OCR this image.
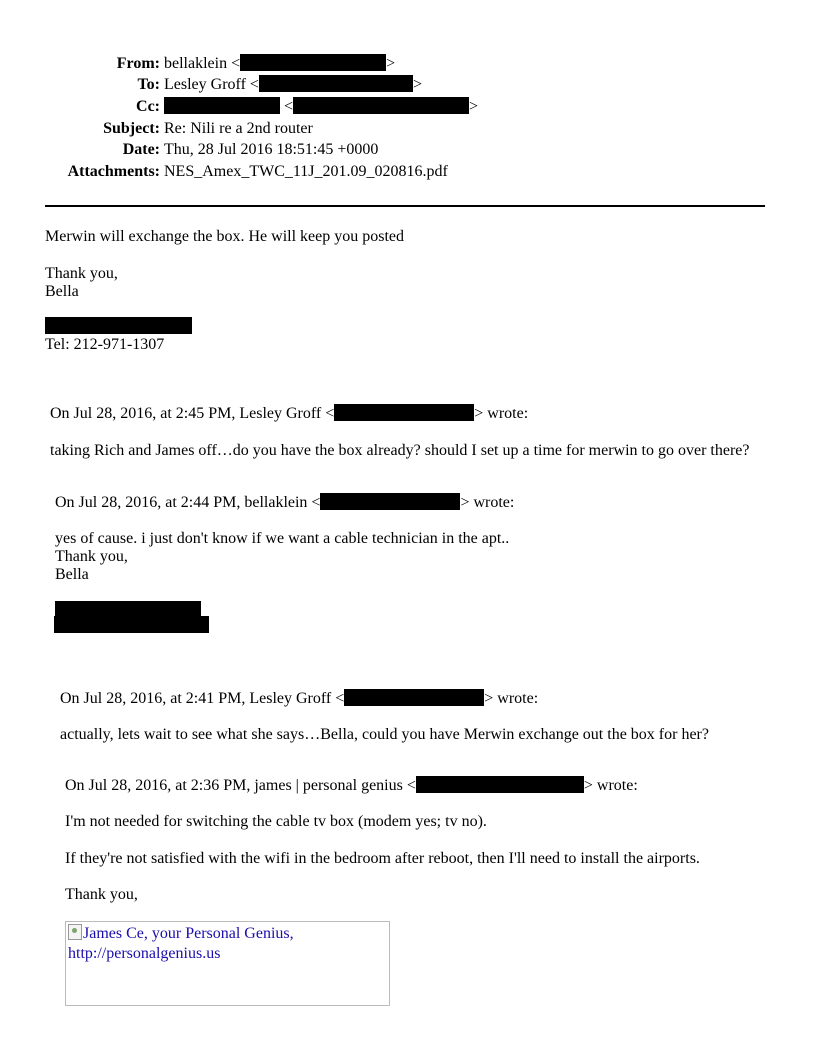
From: bellaklein <	>
To: Lesley Groff <	>
Cc:	<	>
Subject: Re: Nili re a 2nd router
Date: Thu, 28 Jul 2016 18:51:45 +0000
Attachments: NES_Amex_TWC_11J_201.09_020816.pdf
Merwin will exchange the box. He will keep you posted
Thank you,
Bella
Tel: 212-971-1307
On Jul 28, 2016, at 2:45 PM, Lesley Groff <	> wrote:
taking Rich and James off…do you have the box already? should I set up a time for merwin to go over there?
On Jul 28, 2016, at 2:44 PM, bellaklein <	> wrote:
yes of cause. i just don't know if we want a cable technician in the apt..
Thank you,
Bella
On Jul 28, 2016, at 2:41 PM, Lesley Groff <	> wrote:
actually, lets wait to see what she says…Bella, could you have Merwin exchange out the box for her?
On Jul 28, 2016, at 2:36 PM, james | personal genius <	> wrote:
I'm not needed for switching the cable tv box (modem yes; tv no).
If they're not satisfied with the wifi in the bedroom after reboot, then I'll need to install the airports.
Thank you,
James Ce, your Personal Genius,
http://personalgenius.us
